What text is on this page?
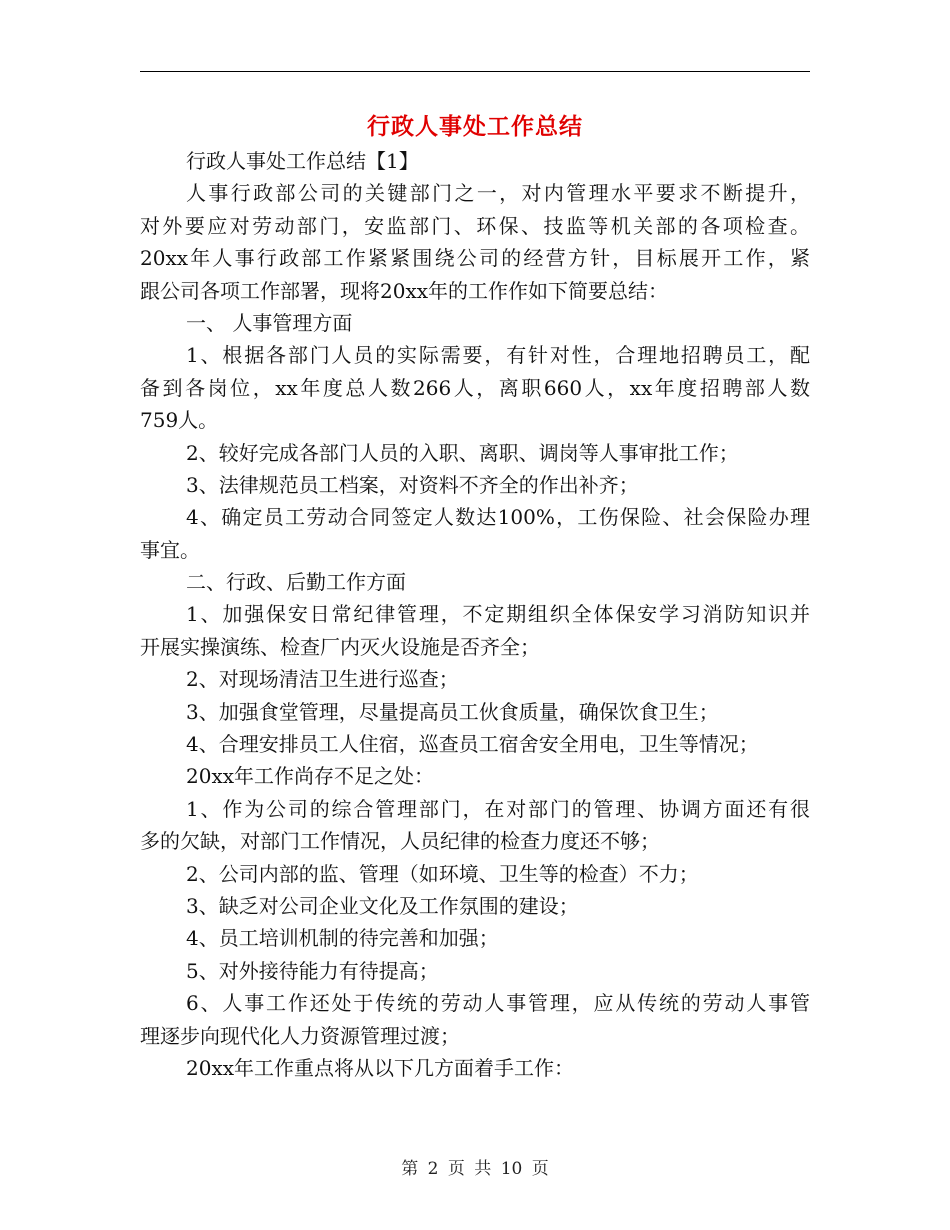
行政人事处工作总结
行政人事处工作总结【1】
人事行政部公司的关键部门之一，对内管理水平要求不断提升，
对外要应对劳动部门，安监部门、环保、技监等机关部的各项检查。
20xx年人事行政部工作紧紧围绕公司的经营方针，目标展开工作，紧
跟公司各项工作部署，现将20xx年的工作作如下简要总结：
一、 人事管理方面
1、根据各部门人员的实际需要，有针对性，合理地招聘员工，配
备到各岗位，xx年度总人数266人，离职660人，xx年度招聘部人数
759人。
2、较好完成各部门人员的入职、离职、调岗等人事审批工作；
3、法律规范员工档案，对资料不齐全的作出补齐；
4、确定员工劳动合同签定人数达100%，工伤保险、社会保险办理
事宜。
二、行政、后勤工作方面
1、加强保安日常纪律管理，不定期组织全体保安学习消防知识并
开展实操演练、检查厂内灭火设施是否齐全；
2、对现场清洁卫生进行巡查；
3、加强食堂管理，尽量提高员工伙食质量，确保饮食卫生；
4、合理安排员工人住宿，巡查员工宿舍安全用电，卫生等情况；
20xx年工作尚存不足之处：
1、作为公司的综合管理部门，在对部门的管理、协调方面还有很
多的欠缺，对部门工作情况，人员纪律的检查力度还不够；
2、公司内部的监、管理（如环境、卫生等的检查）不力；
3、缺乏对公司企业文化及工作氛围的建设；
4、员工培训机制的待完善和加强；
5、对外接待能力有待提高；
6、人事工作还处于传统的劳动人事管理，应从传统的劳动人事管
理逐步向现代化人力资源管理过渡；
20xx年工作重点将从以下几方面着手工作：
第 2 页 共 10 页
